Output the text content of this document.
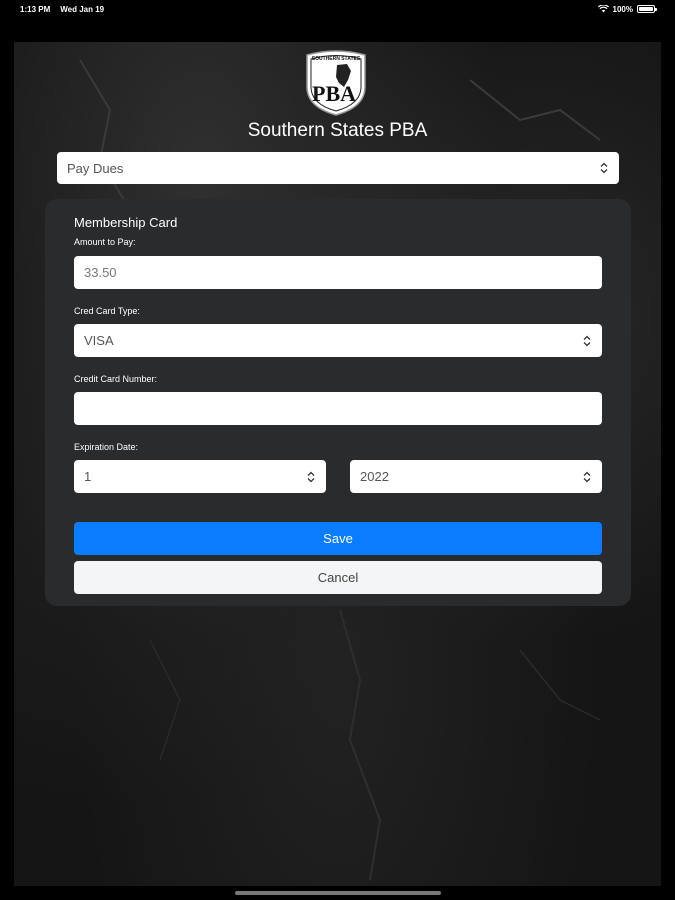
1:13 PM Wed Jan 19	100%
SOUTHERN STATES
PBA
Southern States PBA
Pay Dues
Membership Card
Amount to Pay:
33.50
Cred Card Type:
VISA
Credit Card Number:
Expiration Date:
1	2022
Save
Cancel
